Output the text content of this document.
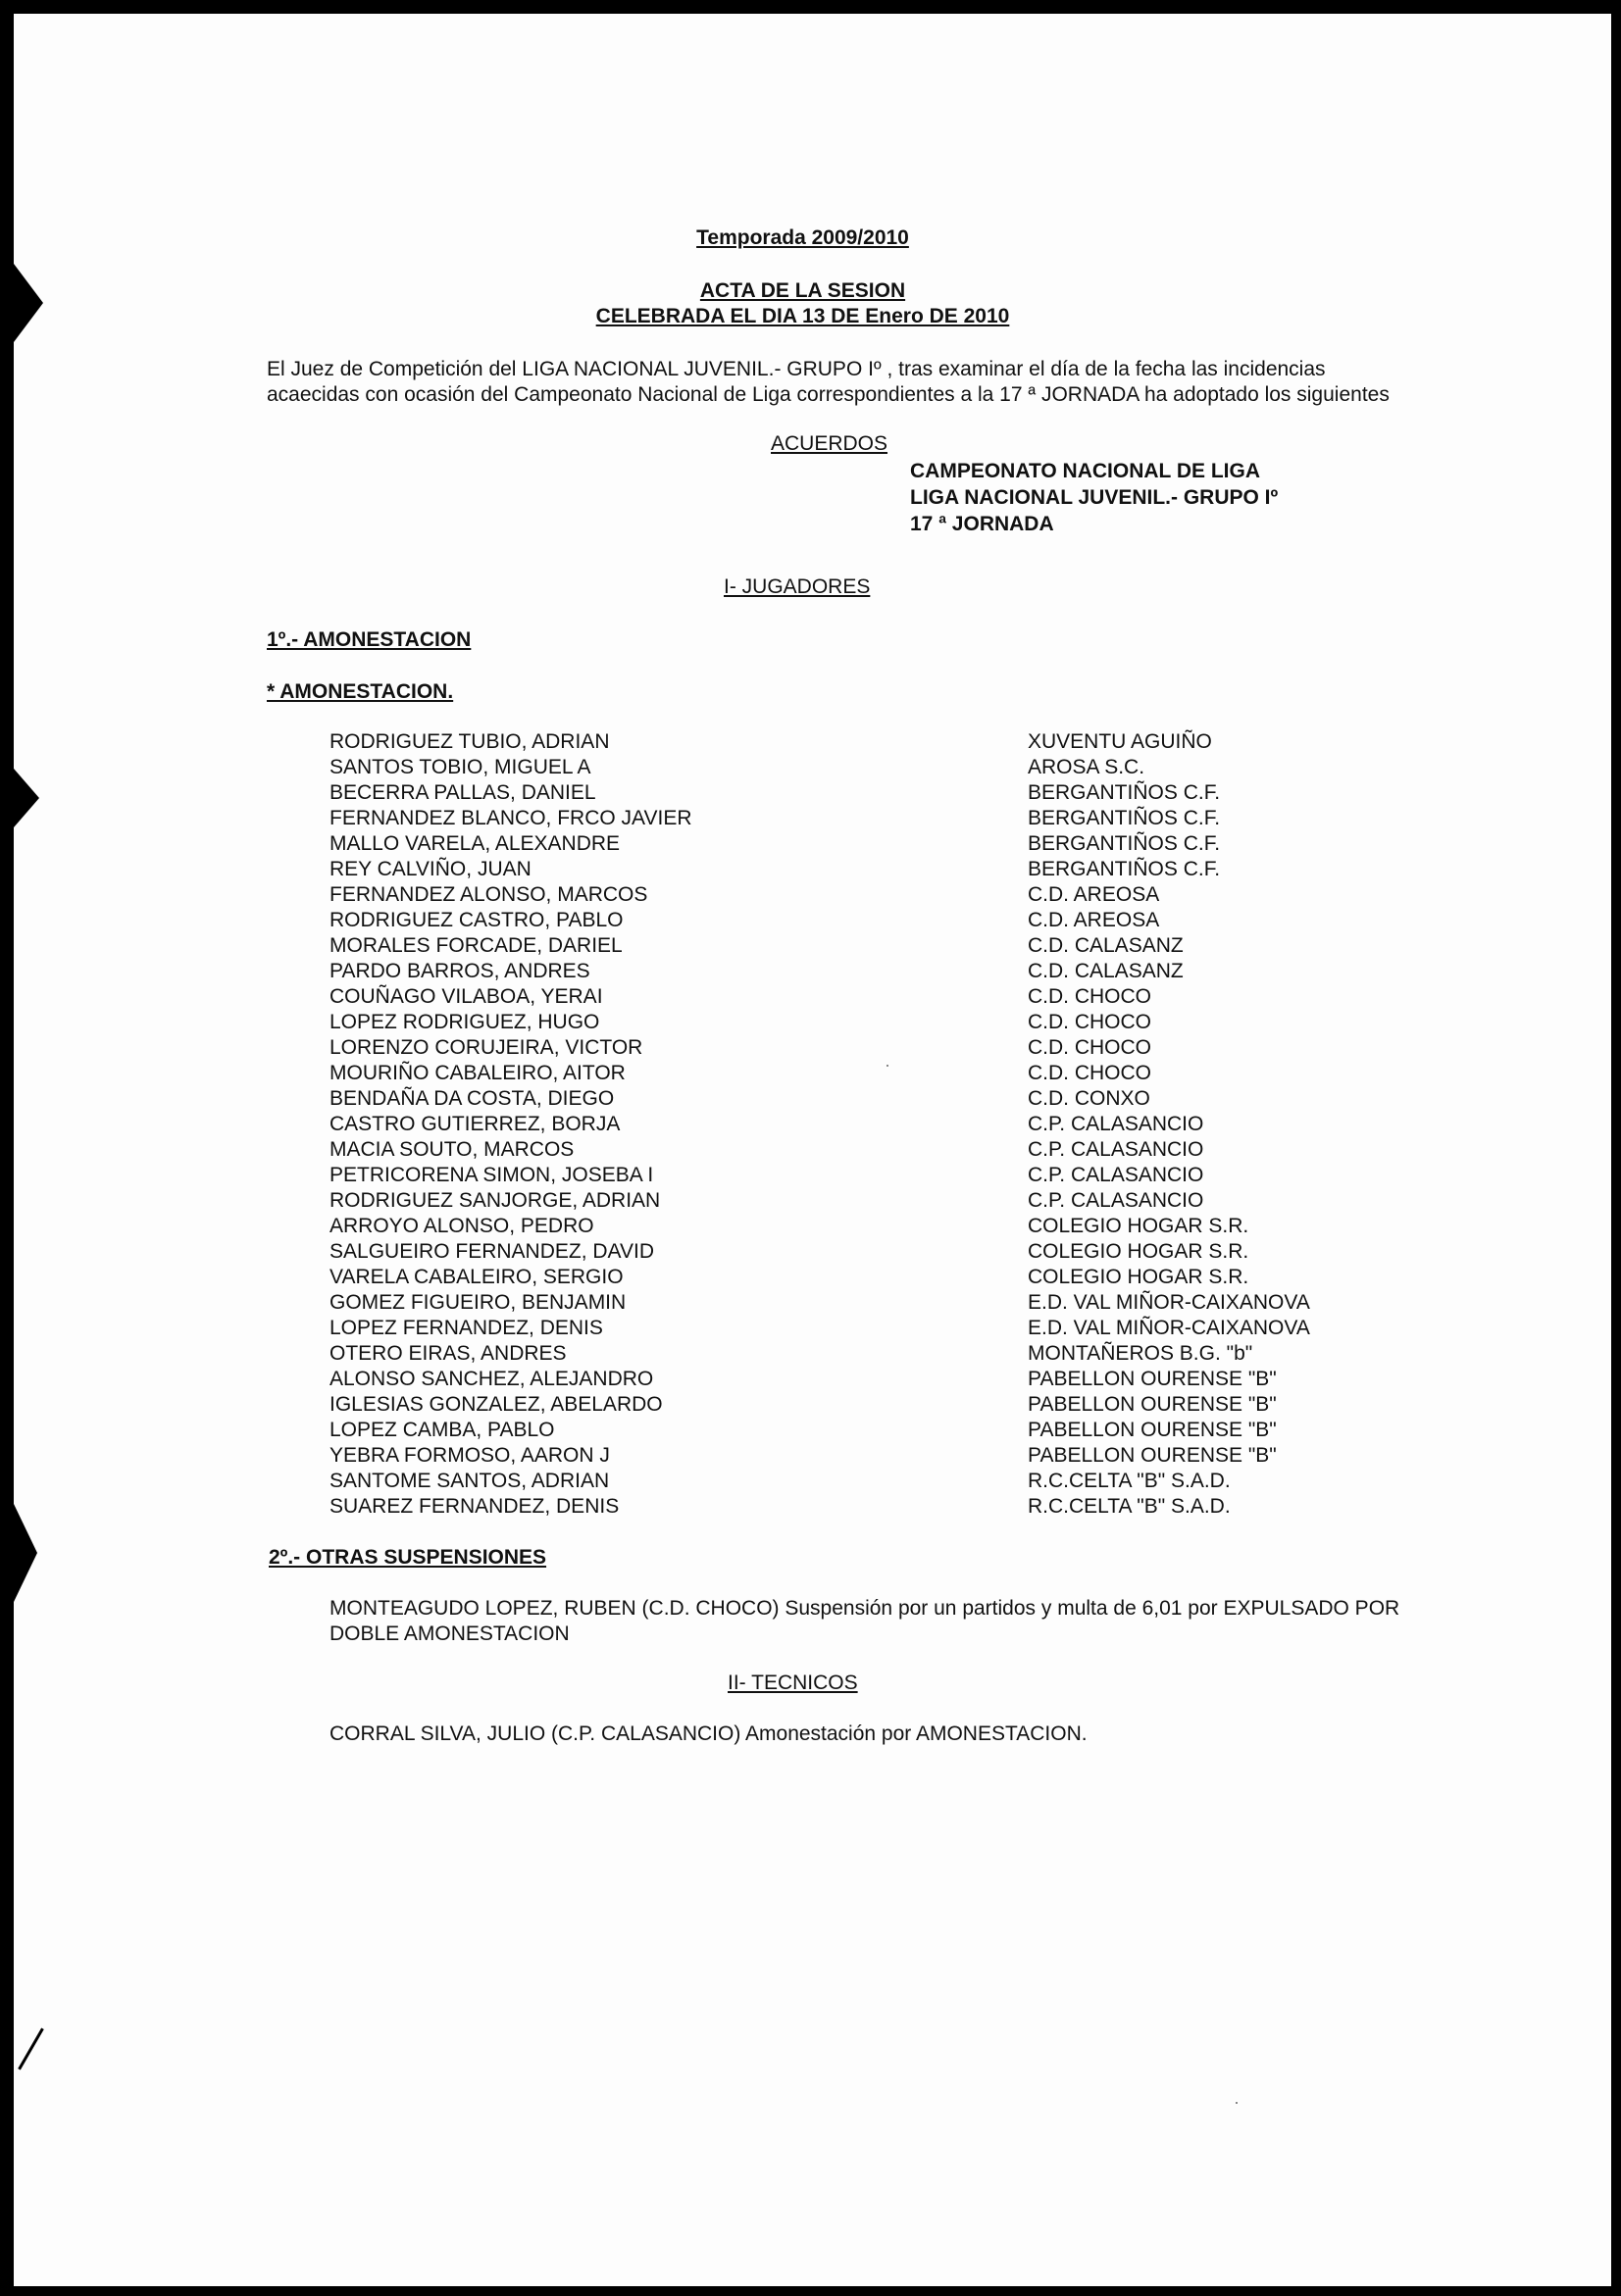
Temporada 2009/2010
ACTA DE LA SESION
CELEBRADA EL DIA 13 DE Enero DE 2010
El Juez de Competición del LIGA NACIONAL JUVENIL.- GRUPO Iº , tras examinar el día de la fecha las incidencias
acaecidas con ocasión del Campeonato Nacional de Liga correspondientes a la 17 ª JORNADA ha adoptado los siguientes
ACUERDOS
CAMPEONATO NACIONAL DE LIGA
LIGA NACIONAL JUVENIL.- GRUPO Iº
17 ª JORNADA
I- JUGADORES
1º.- AMONESTACION
* AMONESTACION.
RODRIGUEZ TUBIO, ADRIAN	XUVENTU AGUIÑO
SANTOS TOBIO, MIGUEL A	AROSA S.C.
BECERRA PALLAS, DANIEL	BERGANTIÑOS C.F.
FERNANDEZ BLANCO, FRCO JAVIER	BERGANTIÑOS C.F.
MALLO VARELA, ALEXANDRE	BERGANTIÑOS C.F.
REY CALVIÑO, JUAN	BERGANTIÑOS C.F.
FERNANDEZ ALONSO, MARCOS	C.D. AREOSA
RODRIGUEZ CASTRO, PABLO	C.D. AREOSA
MORALES FORCADE, DARIEL	C.D. CALASANZ
PARDO BARROS, ANDRES	C.D. CALASANZ
COUÑAGO VILABOA, YERAI	C.D. CHOCO
LOPEZ RODRIGUEZ, HUGO	C.D. CHOCO
LORENZO CORUJEIRA, VICTOR	C.D. CHOCO
MOURIÑO CABALEIRO, AITOR	C.D. CHOCO
BENDAÑA DA COSTA, DIEGO	C.D. CONXO
CASTRO GUTIERREZ, BORJA	C.P. CALASANCIO
MACIA SOUTO, MARCOS	C.P. CALASANCIO
PETRICORENA SIMON, JOSEBA I	C.P. CALASANCIO
RODRIGUEZ SANJORGE, ADRIAN	C.P. CALASANCIO
ARROYO ALONSO, PEDRO	COLEGIO HOGAR S.R.
SALGUEIRO FERNANDEZ, DAVID	COLEGIO HOGAR S.R.
VARELA CABALEIRO, SERGIO	COLEGIO HOGAR S.R.
GOMEZ FIGUEIRO, BENJAMIN	E.D. VAL MIÑOR-CAIXANOVA
LOPEZ FERNANDEZ, DENIS	E.D. VAL MIÑOR-CAIXANOVA
OTERO EIRAS, ANDRES	MONTAÑEROS B.G. "b"
ALONSO SANCHEZ, ALEJANDRO	PABELLON OURENSE "B"
IGLESIAS GONZALEZ, ABELARDO	PABELLON OURENSE "B"
LOPEZ CAMBA, PABLO	PABELLON OURENSE "B"
YEBRA FORMOSO, AARON J	PABELLON OURENSE "B"
SANTOME SANTOS, ADRIAN	R.C.CELTA "B" S.A.D.
SUAREZ FERNANDEZ, DENIS	R.C.CELTA "B" S.A.D.
2º.- OTRAS SUSPENSIONES
MONTEAGUDO LOPEZ, RUBEN (C.D. CHOCO) Suspensión por un partidos y multa de 6,01 por EXPULSADO POR
DOBLE AMONESTACION
II- TECNICOS
CORRAL SILVA, JULIO (C.P. CALASANCIO) Amonestación por AMONESTACION.
